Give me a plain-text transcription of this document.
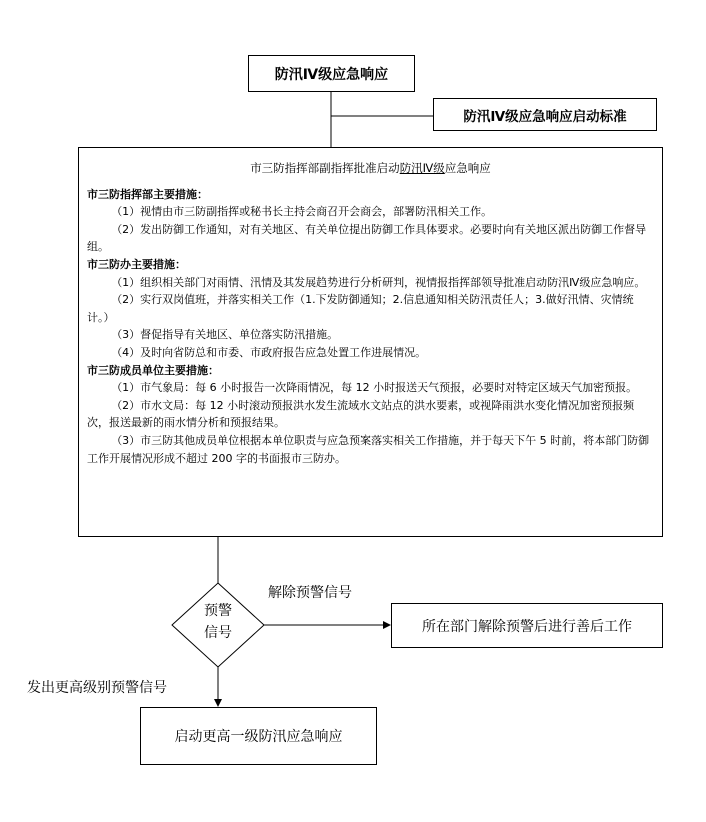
防汛Ⅳ级应急响应
防汛Ⅳ级应急响应启动标准
市三防指挥部副指挥批准启动防汛Ⅳ级应急响应
市三防指挥部主要措施：

（1）视情由市三防副指挥或秘书长主持会商召开会商会，部署防汛相关工作。

（2）发出防御工作通知，对有关地区、有关单位提出防御工作具体要求。必要时向有关地区派出防御工作督导组。

市三防办主要措施：

（1）组织相关部门对雨情、汛情及其发展趋势进行分析研判，视情报指挥部领导批准启动防汛Ⅳ级应急响应。

（2）实行双岗值班，并落实相关工作（1.下发防御通知；2.信息通知相关防汛责任人；3.做好汛情、灾情统计。）

（3）督促指导有关地区、单位落实防汛措施。

（4）及时向省防总和市委、市政府报告应急处置工作进展情况。

市三防成员单位主要措施：

（1）市气象局：每 6 小时报告一次降雨情况，每 12 小时报送天气预报，必要时对特定区域天气加密预报。

（2）市水文局：每 12 小时滚动预报洪水发生流域水文站点的洪水要素，或视降雨洪水变化情况加密预报频次，报送最新的雨水情分析和预报结果。

（3）市三防其他成员单位根据本单位职责与应急预案落实相关工作措施，并于每天下午 5 时前，将本部门防御工作开展情况形成不超过 200 字的书面报市三防办。

预警
信号
解除预警信号
所在部门解除预警后进行善后工作
发出更高级别预警信号
启动更高一级防汛应急响应
